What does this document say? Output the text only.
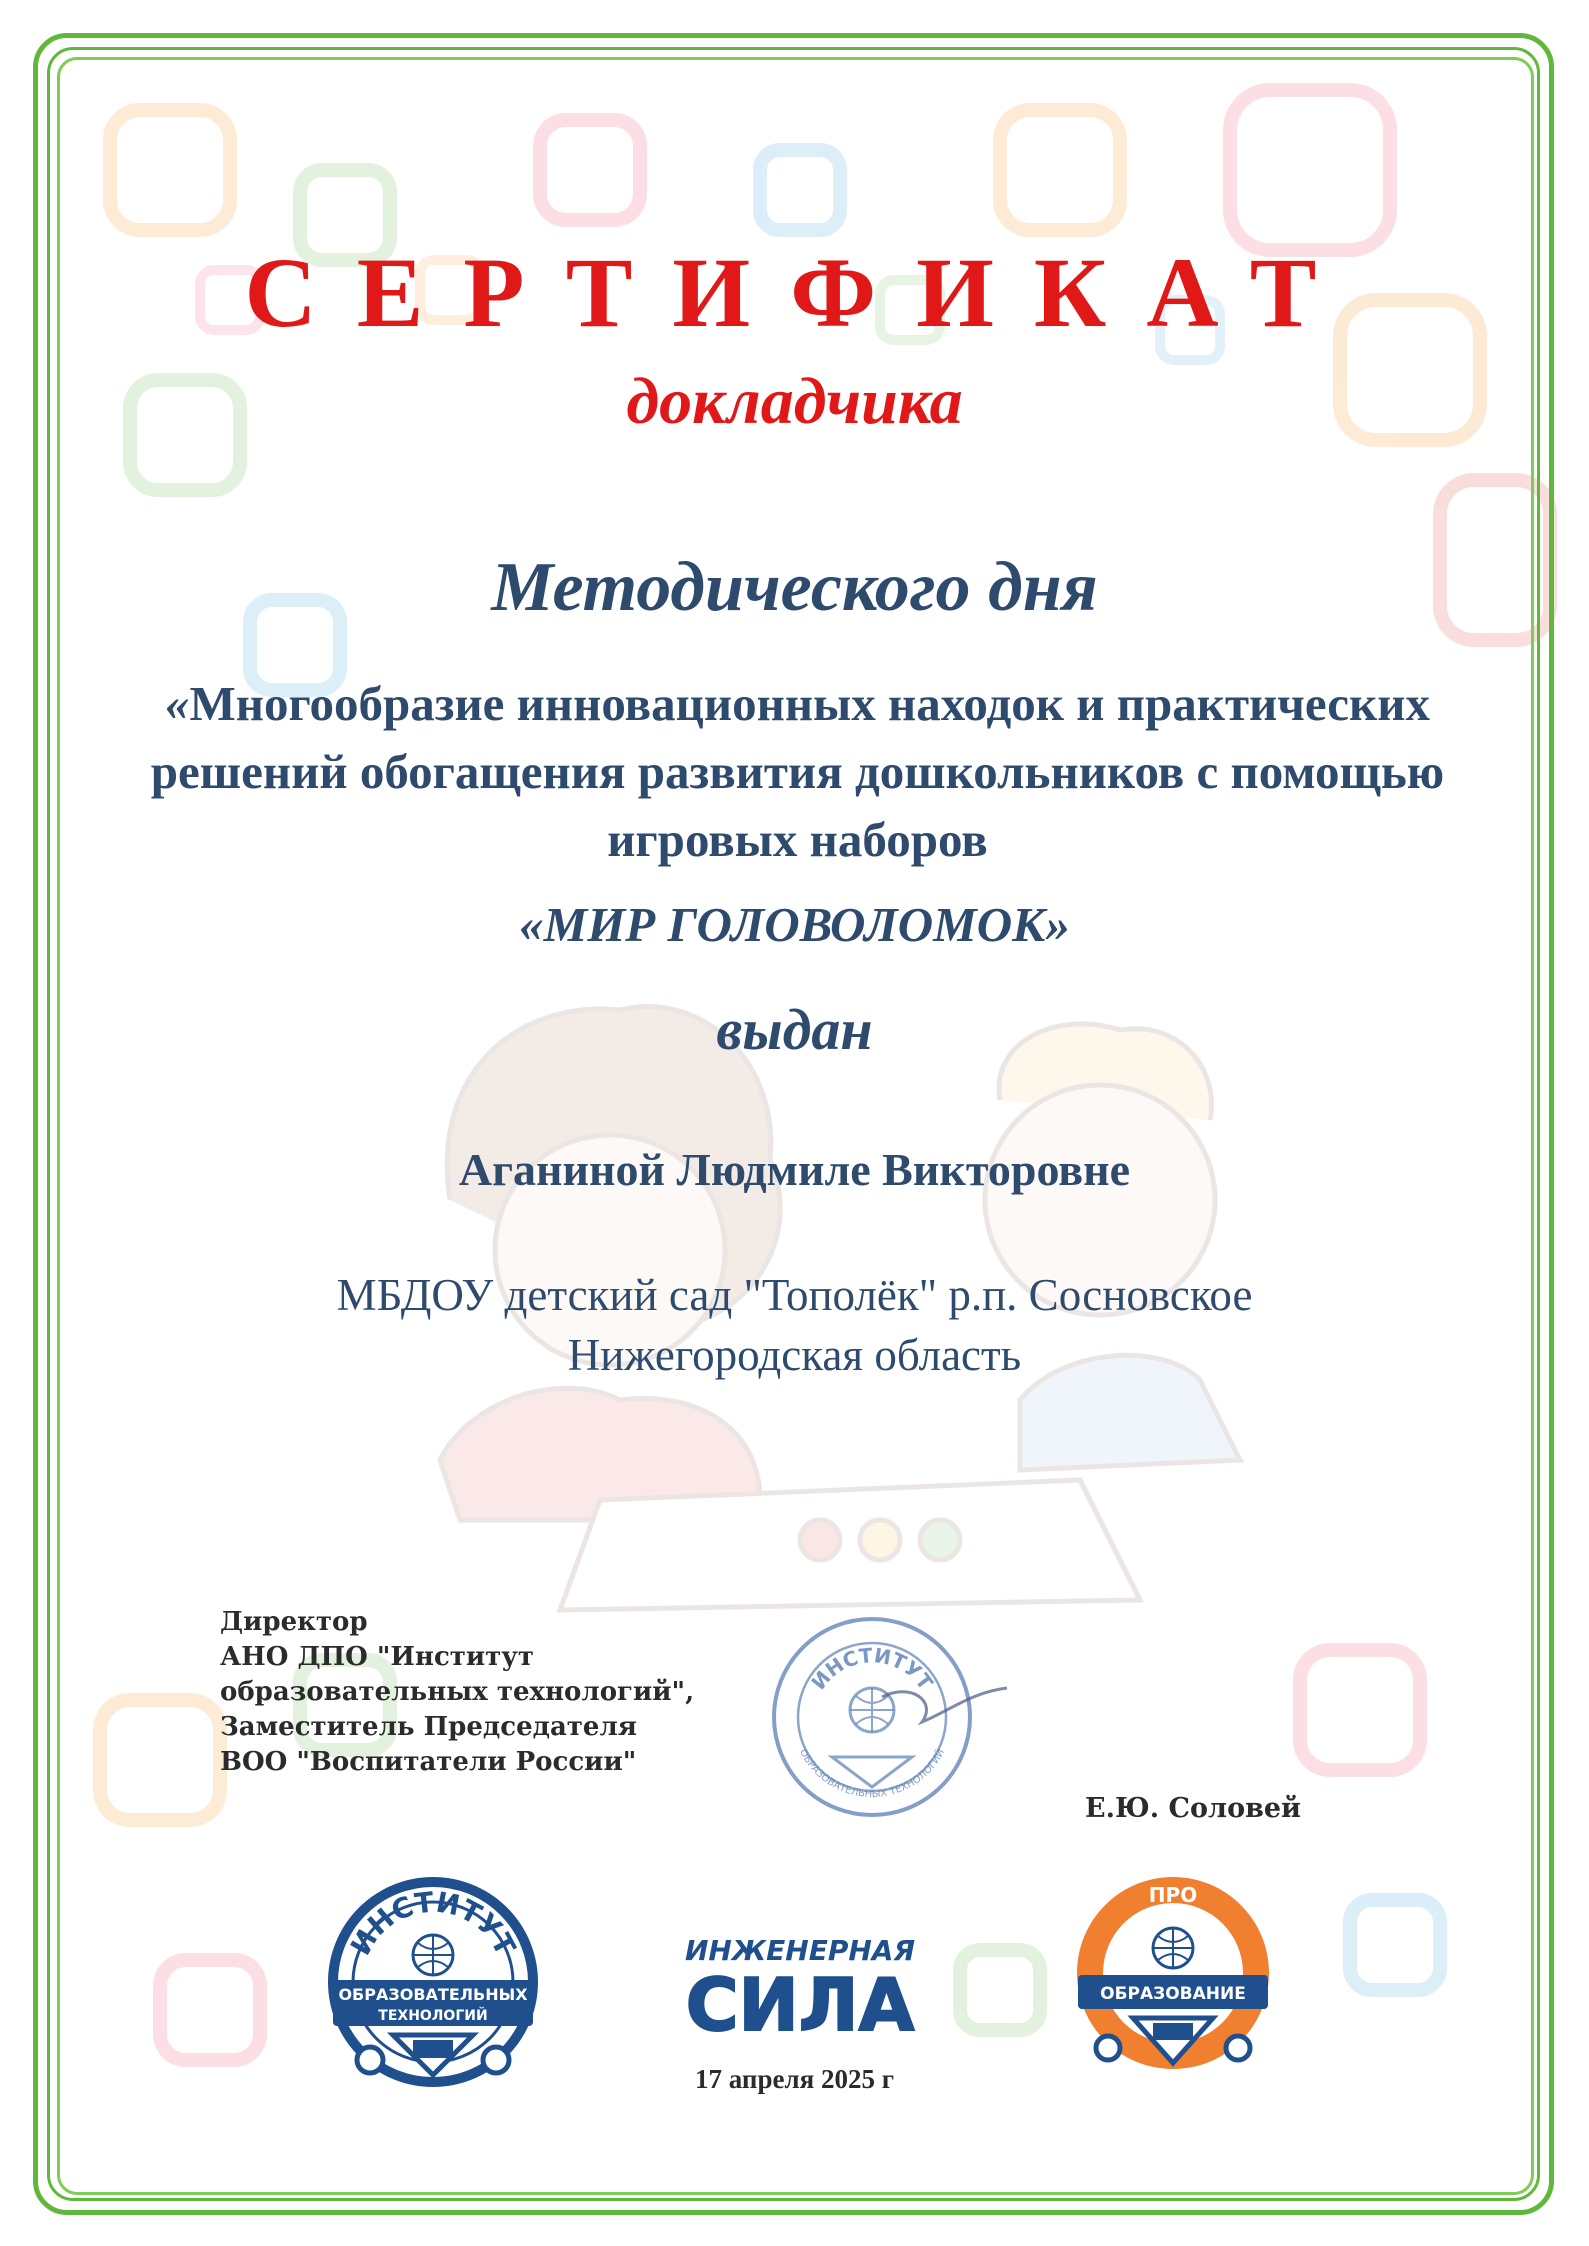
СЕРТИФИКАТ
докладчика
Методического дня
«Многообразие инновационных находок и практических решений обогащения развития дошкольников с помощью игровых наборов
«МИР ГОЛОВОЛОМОК»
выдан
Аганиной Людмиле Викторовне
МБДОУ детский сад "Тополёк" р.п. Сосновское
Нижегородская область
Директор
АНО ДПО "Институт
образовательных технологий",
Заместитель Председателя
ВОО "Воспитатели России"
ИНСТИТУТ
ОБРАЗОВАТЕЛЬНЫХ ТЕХНОЛОГИЙ
Е.Ю. Соловей
ИНСТИТУТ
ОБРАЗОВАТЕЛЬНЫХ
ТЕХНОЛОГИЙ
ИНЖЕНЕРНАЯ
СИЛА
ПРО
ОБРАЗОВАНИЕ
17 апреля 2025 г
